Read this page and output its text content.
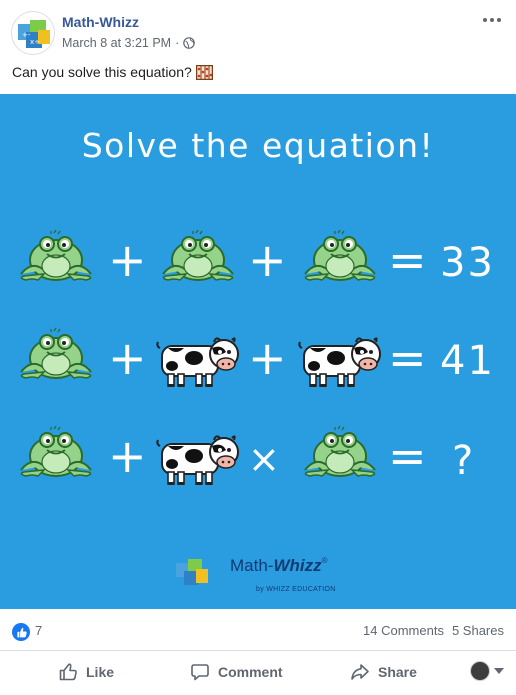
+-
x÷
Math-Whizz
March 8 at 3:21 PM ·
Can you solve this equation?
Solve the equation!
+ + =
+ + =
+	× =
33
41
?
Math-Whizz®
by WHIZZ EDUCATION
7	14 Comments 5 Shares
Like	Comment	Share
